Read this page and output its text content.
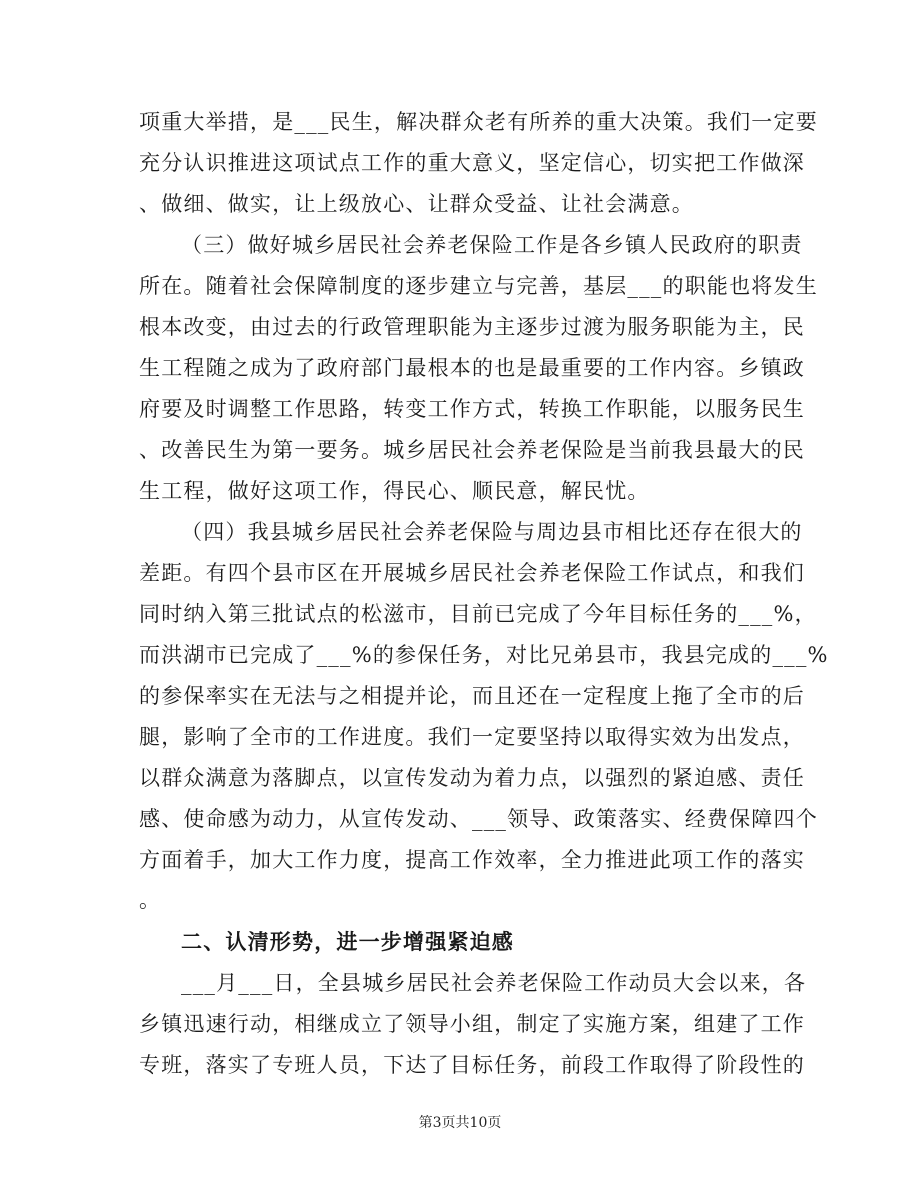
项重大举措，是___民生，解决群众老有所养的重大决策。我们一定要
充分认识推进这项试点工作的重大意义，坚定信心，切实把工作做深
、做细、做实，让上级放心、让群众受益、让社会满意。
（三）做好城乡居民社会养老保险工作是各乡镇人民政府的职责
所在。随着社会保障制度的逐步建立与完善，基层___的职能也将发生
根本改变，由过去的行政管理职能为主逐步过渡为服务职能为主，民
生工程随之成为了政府部门最根本的也是最重要的工作内容。乡镇政
府要及时调整工作思路，转变工作方式，转换工作职能，以服务民生
、改善民生为第一要务。城乡居民社会养老保险是当前我县最大的民
生工程，做好这项工作，得民心、顺民意，解民忧。
（四）我县城乡居民社会养老保险与周边县市相比还存在很大的
差距。有四个县市区在开展城乡居民社会养老保险工作试点，和我们
同时纳入第三批试点的松滋市，目前已完成了今年目标任务的___%，
而洪湖市已完成了___%的参保任务，对比兄弟县市，我县完成的___%
的参保率实在无法与之相提并论，而且还在一定程度上拖了全市的后
腿，影响了全市的工作进度。我们一定要坚持以取得实效为出发点，
以群众满意为落脚点，以宣传发动为着力点，以强烈的紧迫感、责任
感、使命感为动力，从宣传发动、___领导、政策落实、经费保障四个
方面着手，加大工作力度，提高工作效率，全力推进此项工作的落实
。
二、认清形势，进一步增强紧迫感
___月___日，全县城乡居民社会养老保险工作动员大会以来，各
乡镇迅速行动，相继成立了领导小组，制定了实施方案，组建了工作
专班，落实了专班人员，下达了目标任务，前段工作取得了阶段性的
第3页共10页
